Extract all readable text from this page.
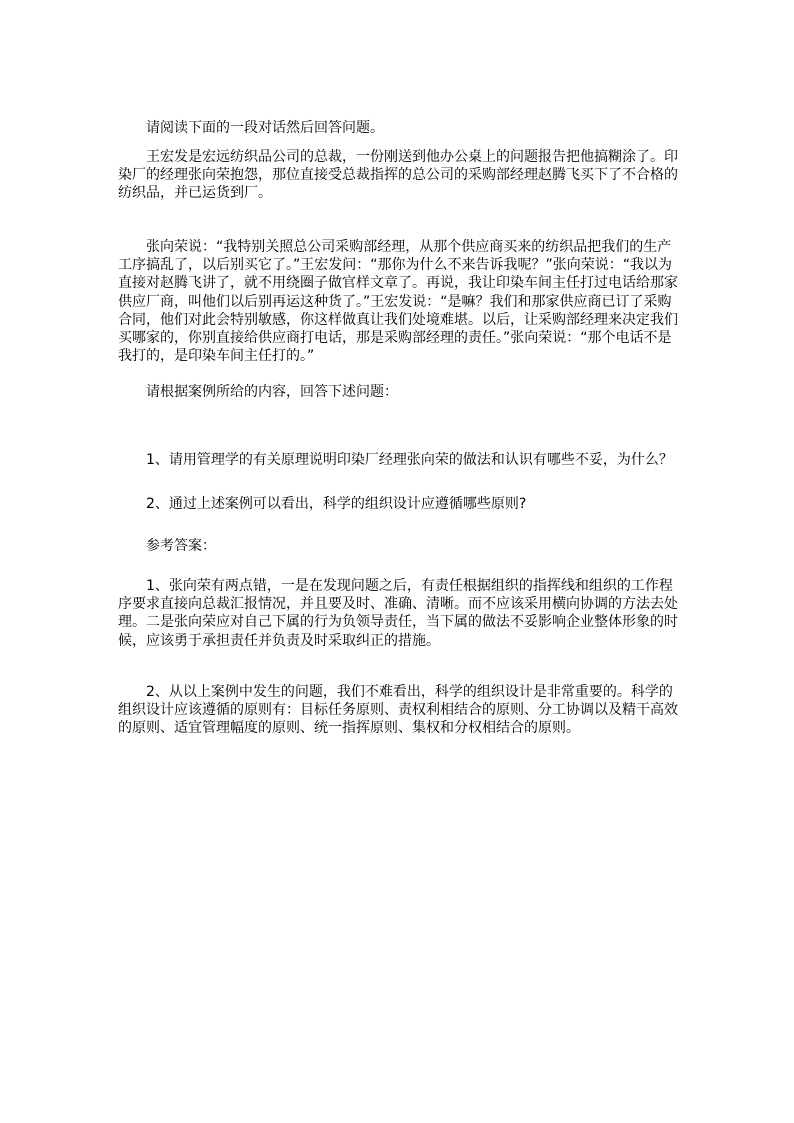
请阅读下面的一段对话然后回答问题。

王宏发是宏远纺织品公司的总裁，一份刚送到他办公桌上的问题报告把他搞糊涂了。印染厂的经理张向荣抱怨，那位直接受总裁指挥的总公司的采购部经理赵腾飞买下了不合格的纺织品，并已运货到厂。

张向荣说：“我特别关照总公司采购部经理，从那个供应商买来的纺织品把我们的生产工序搞乱了，以后别买它了。”王宏发问：“那你为什么不来告诉我呢？”张向荣说：“我以为直接对赵腾飞讲了，就不用绕圈子做官样文章了。再说，我让印染车间主任打过电话给那家供应厂商，叫他们以后别再运这种货了。”王宏发说：“是嘛？我们和那家供应商已订了采购合同，他们对此会特别敏感，你这样做真让我们处境难堪。以后，让采购部经理来决定我们买哪家的，你别直接给供应商打电话，那是采购部经理的责任。”张向荣说：“那个电话不是我打的，是印染车间主任打的。”

请根据案例所给的内容，回答下述问题：

1、请用管理学的有关原理说明印染厂经理张向荣的做法和认识有哪些不妥，为什么？

2、通过上述案例可以看出，科学的组织设计应遵循哪些原则?

参考答案：

1、张向荣有两点错，一是在发现问题之后，有责任根据组织的指挥线和组织的工作程序要求直接向总裁汇报情况，并且要及时、准确、清晰。而不应该采用横向协调的方法去处理。二是张向荣应对自己下属的行为负领导责任，当下属的做法不妥影响企业整体形象的时候，应该勇于承担责任并负责及时采取纠正的措施。

2、从以上案例中发生的问题，我们不难看出，科学的组织设计是非常重要的。科学的组织设计应该遵循的原则有：目标任务原则、责权利相结合的原则、分工协调以及精干高效的原则、适宜管理幅度的原则、统一指挥原则、集权和分权相结合的原则。
